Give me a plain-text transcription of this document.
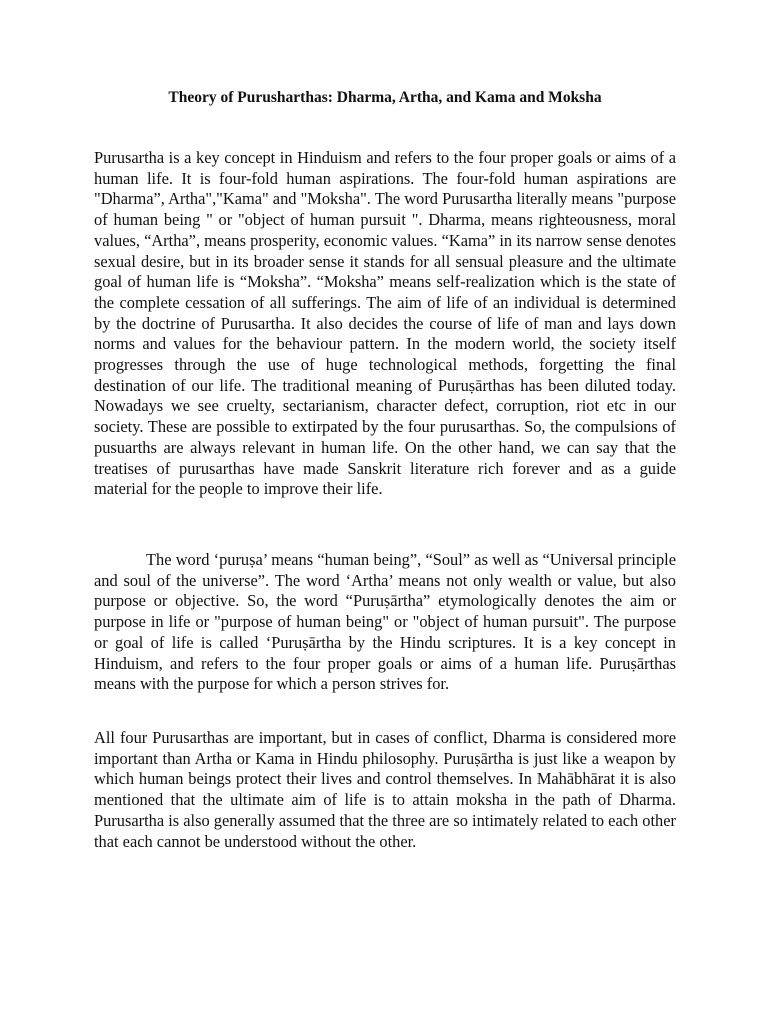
Theory of Purusharthas: Dharma, Artha, and Kama and Moksha

Purusartha is a key concept in Hinduism and refers to the four proper goals or aims of a human life. It is four-fold human aspirations. The four-fold human aspirations are "Dharma”, Artha","Kama" and "Moksha". The word Purusartha literally means "purpose of human being " or "object of human pursuit ". Dharma, means righteousness, moral values, “Artha”, means prosperity, economic values. “Kama” in its narrow sense denotes sexual desire, but in its broader sense it stands for all sensual pleasure and the ultimate goal of human life is “Moksha”. “Moksha” means self-realization which is the state of the complete cessation of all sufferings. The aim of life of an individual is determined by the doctrine of Purusartha. It also decides the course of life of man and lays down norms and values for the behaviour pattern. In the modern world, the society itself progresses through the use of huge technological methods, forgetting the final destination of our life. The traditional meaning of Puruṣārthas has been diluted today. Nowadays we see cruelty, sectarianism, character defect, corruption, riot etc in our society. These are possible to extirpated by the four purusarthas. So, the compulsions of pusuarths are always relevant in human life. On the other hand, we can say that the treatises of purusarthas have made Sanskrit literature rich forever and as a guide material for the people to improve their life.

The word ‘puruṣa’ means “human being”, “Soul” as well as “Universal principle and soul of the universe”. The word ‘Artha’ means not only wealth or value, but also purpose or objective. So, the word “Puruṣārtha” etymologically denotes the aim or purpose in life or "purpose of human being" or "object of human pursuit". The purpose or goal of life is called ‘Puruṣārtha by the Hindu scriptures. It is a key concept in Hinduism, and refers to the four proper goals or aims of a human life. Puruṣārthas means with the purpose for which a person strives for.

All four Purusarthas are important, but in cases of conflict, Dharma is considered more important than Artha or Kama in Hindu philosophy. Puruṣārtha is just like a weapon by which human beings protect their lives and control themselves. In Mahābhārat it is also mentioned that the ultimate aim of life is to attain moksha in the path of Dharma. Purusartha is also generally assumed that the three are so intimately related to each other that each cannot be understood without the other.
